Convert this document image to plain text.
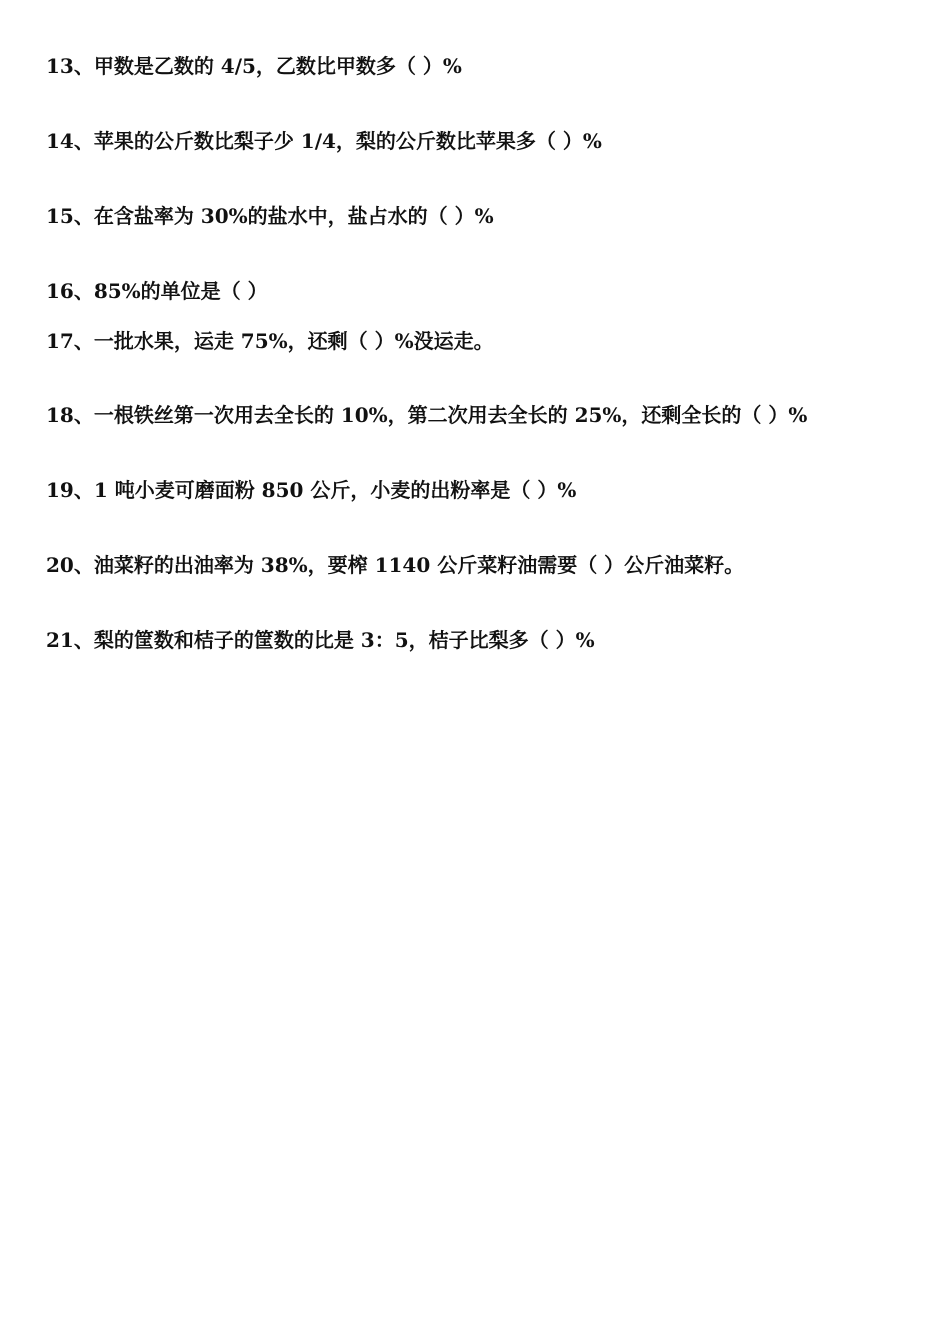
13、甲数是乙数的 4/5，乙数比甲数多（ ）%
14、苹果的公斤数比梨子少 1/4，梨的公斤数比苹果多（ ）%
15、在含盐率为 30%的盐水中，盐占水的（ ）%
16、85%的单位是（ ）
17、一批水果，运走 75%，还剩（ ）%没运走。
18、一根铁丝第一次用去全长的 10%，第二次用去全长的 25%，还剩全长的（ ）%
19、1 吨小麦可磨面粉 850 公斤，小麦的出粉率是（ ）%
20、油菜籽的出油率为 38%，要榨 1140 公斤菜籽油需要（ ）公斤油菜籽。
21、梨的筐数和桔子的筐数的比是 3：5，桔子比梨多（ ）%
